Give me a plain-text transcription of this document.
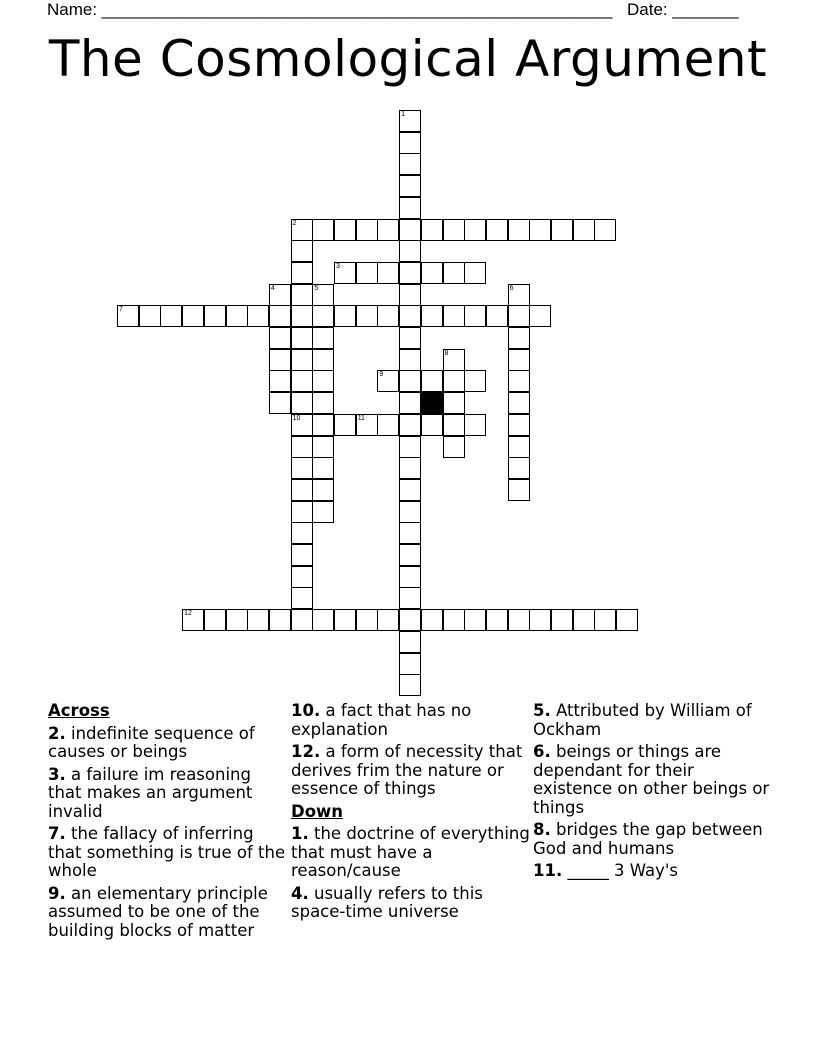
Name: ______________________________________________________ Date: _______
The Cosmological Argument
1
2
10
5
4	6
8
3
7
9
11
12
Across
2. indefinite sequence of causes or beings
3. a failure im reasoning that makes an argument invalid
7. the fallacy of inferring that something is true of the whole
9. an elementary principle assumed to be one of the building blocks of matter
10. a fact that has no explanation
12. a form of necessity that derives frim the nature or essence of things
Down
1. the doctrine of everything that must have a reason/cause
4. usually refers to this space-time universe
5. Attributed by William of Ockham
6. beings or things are dependant for their existence on other beings or things
8. bridges the gap between God and humans
11. _____ 3 Way's
